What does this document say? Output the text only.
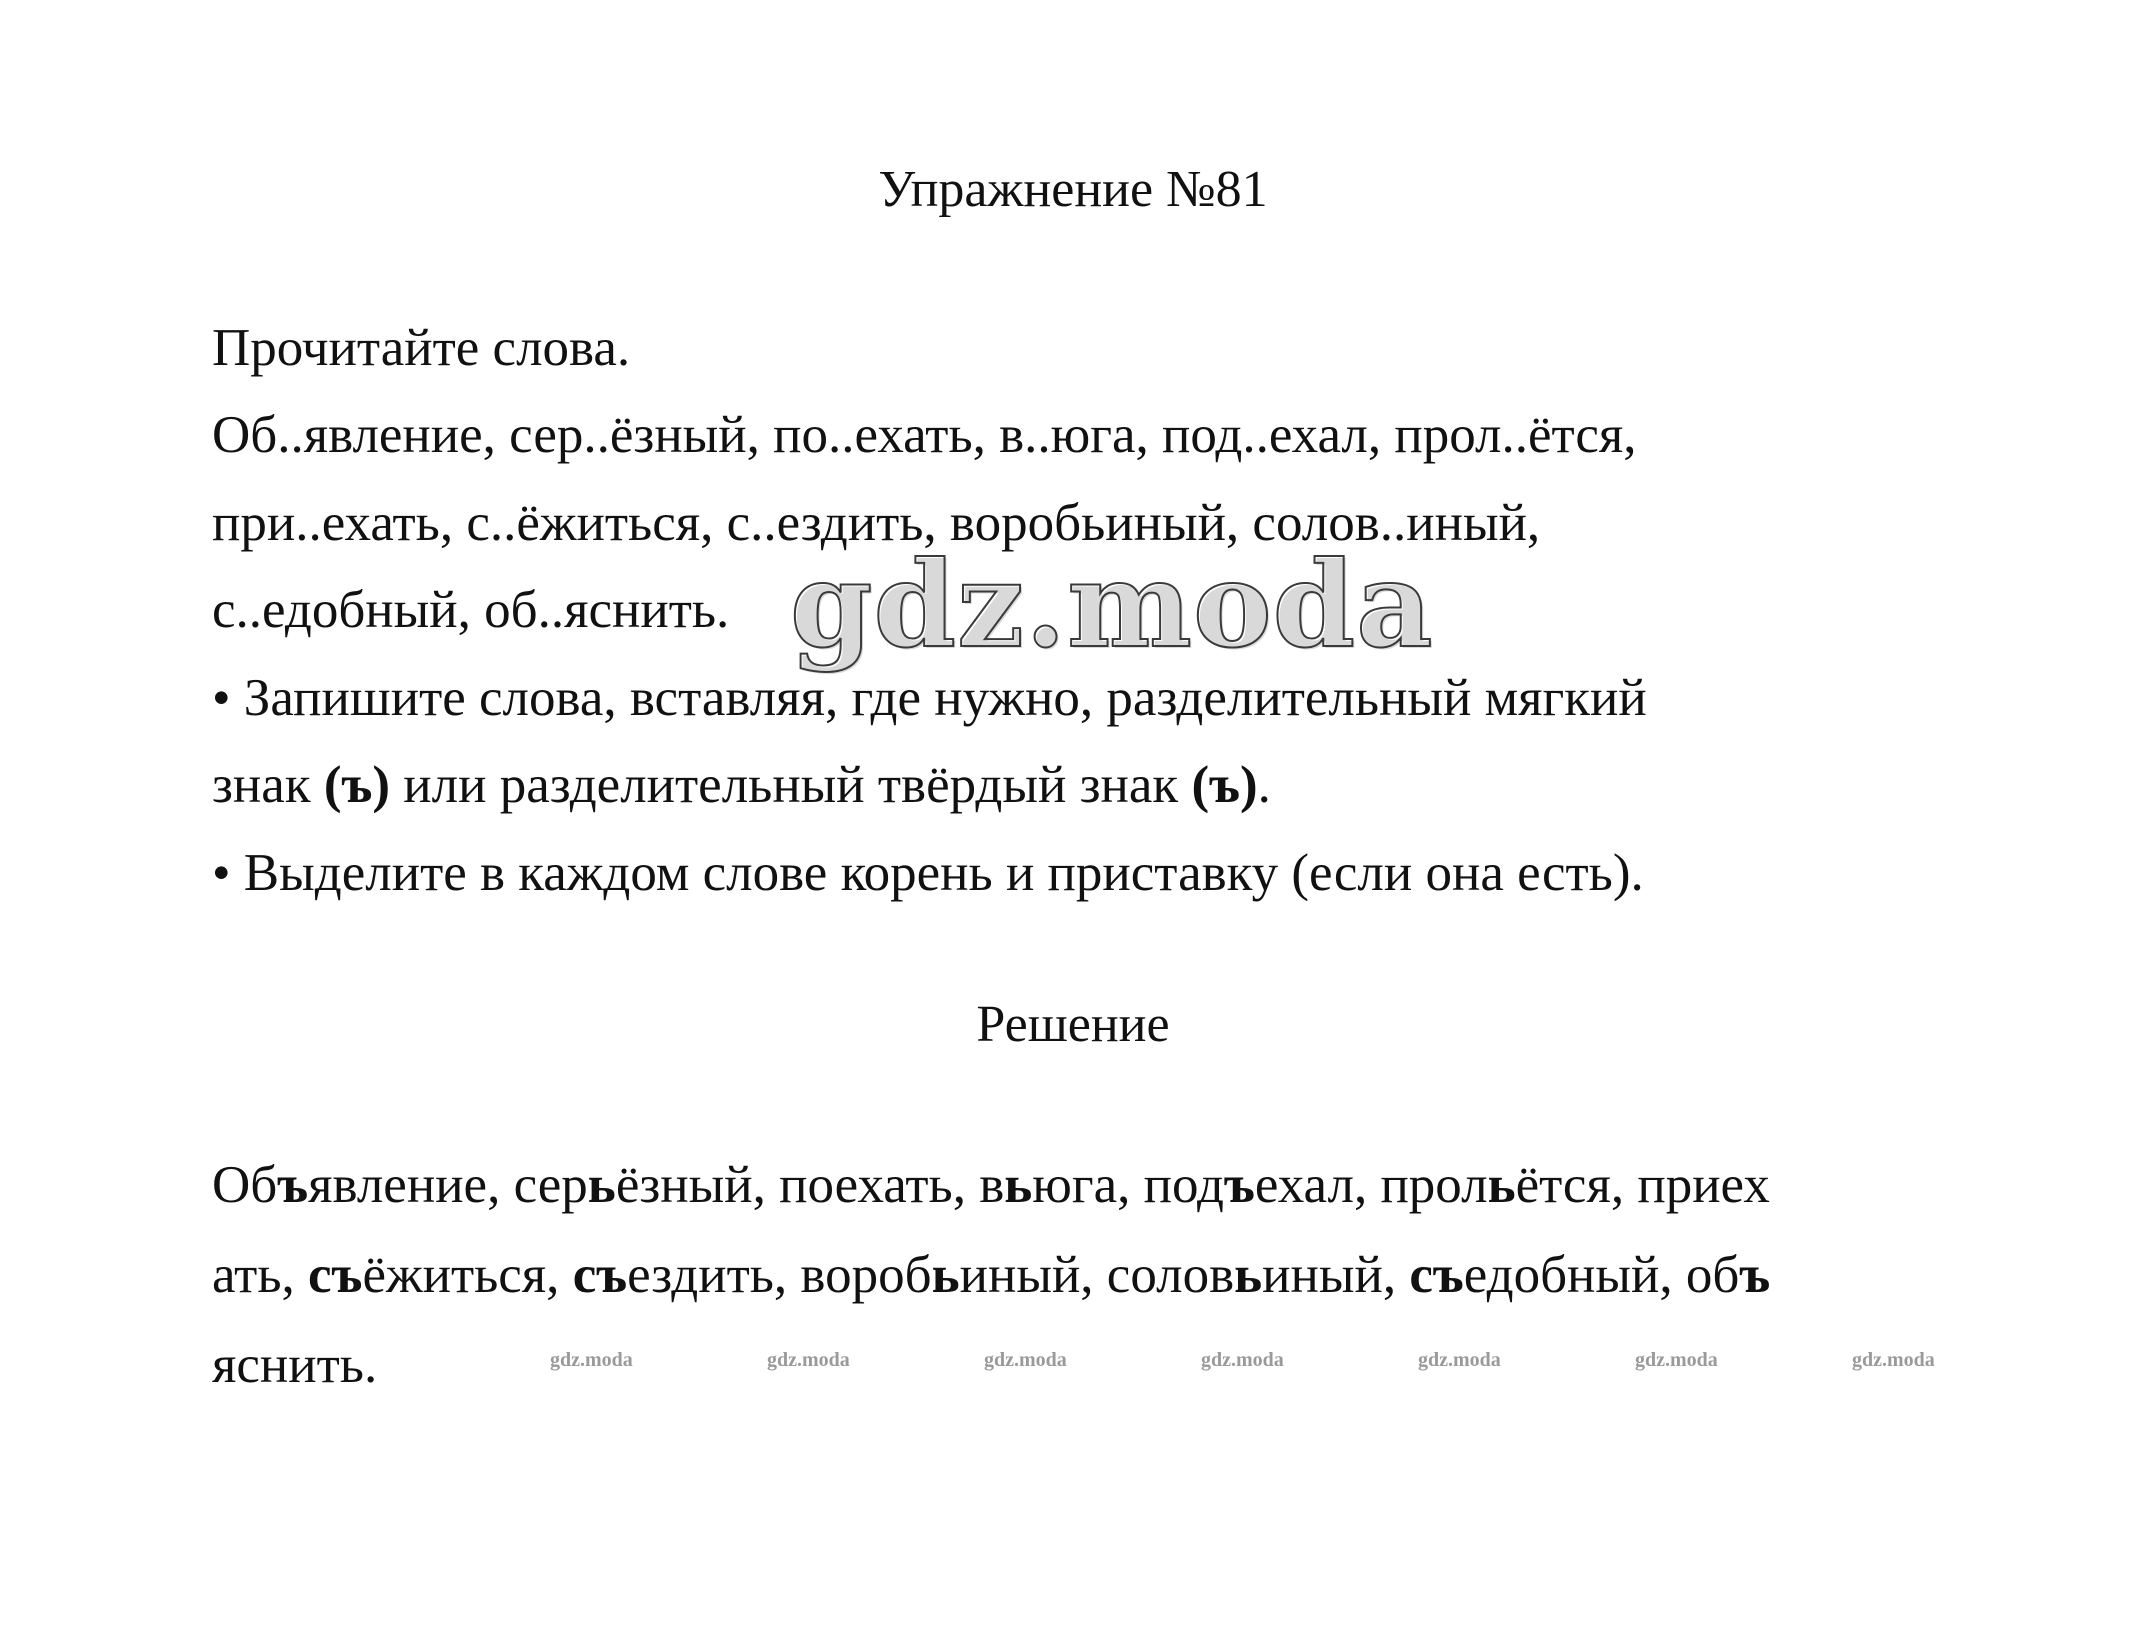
Упражнение №81
Прочитайте слова.
Об..явление, сер..ёзный, по..ехать, в..юга, под..ехал, прол..ётся,
при..ехать, с..ёжиться, с..ездить, воробьиный, солов..иный,
с..едобный, об..яснить. gdz.moda
• Запишите слова, вставляя, где нужно, разделительный мягкий
знак (ъ) или разделительный твёрдый знак (ъ).
• Выделите в каждом слове корень и приставку (если она есть).
Решение
Объявление, серьёзный, поехать, вьюга, подъехал, прольётся, приех
ать, съёжиться, съездить, воробьиный, соловьиный, съедобный, объ
яснить.	gdz.moda	gdz.moda	gdz.moda	gdz.moda	gdz.moda	gdz.moda	gdz.moda
